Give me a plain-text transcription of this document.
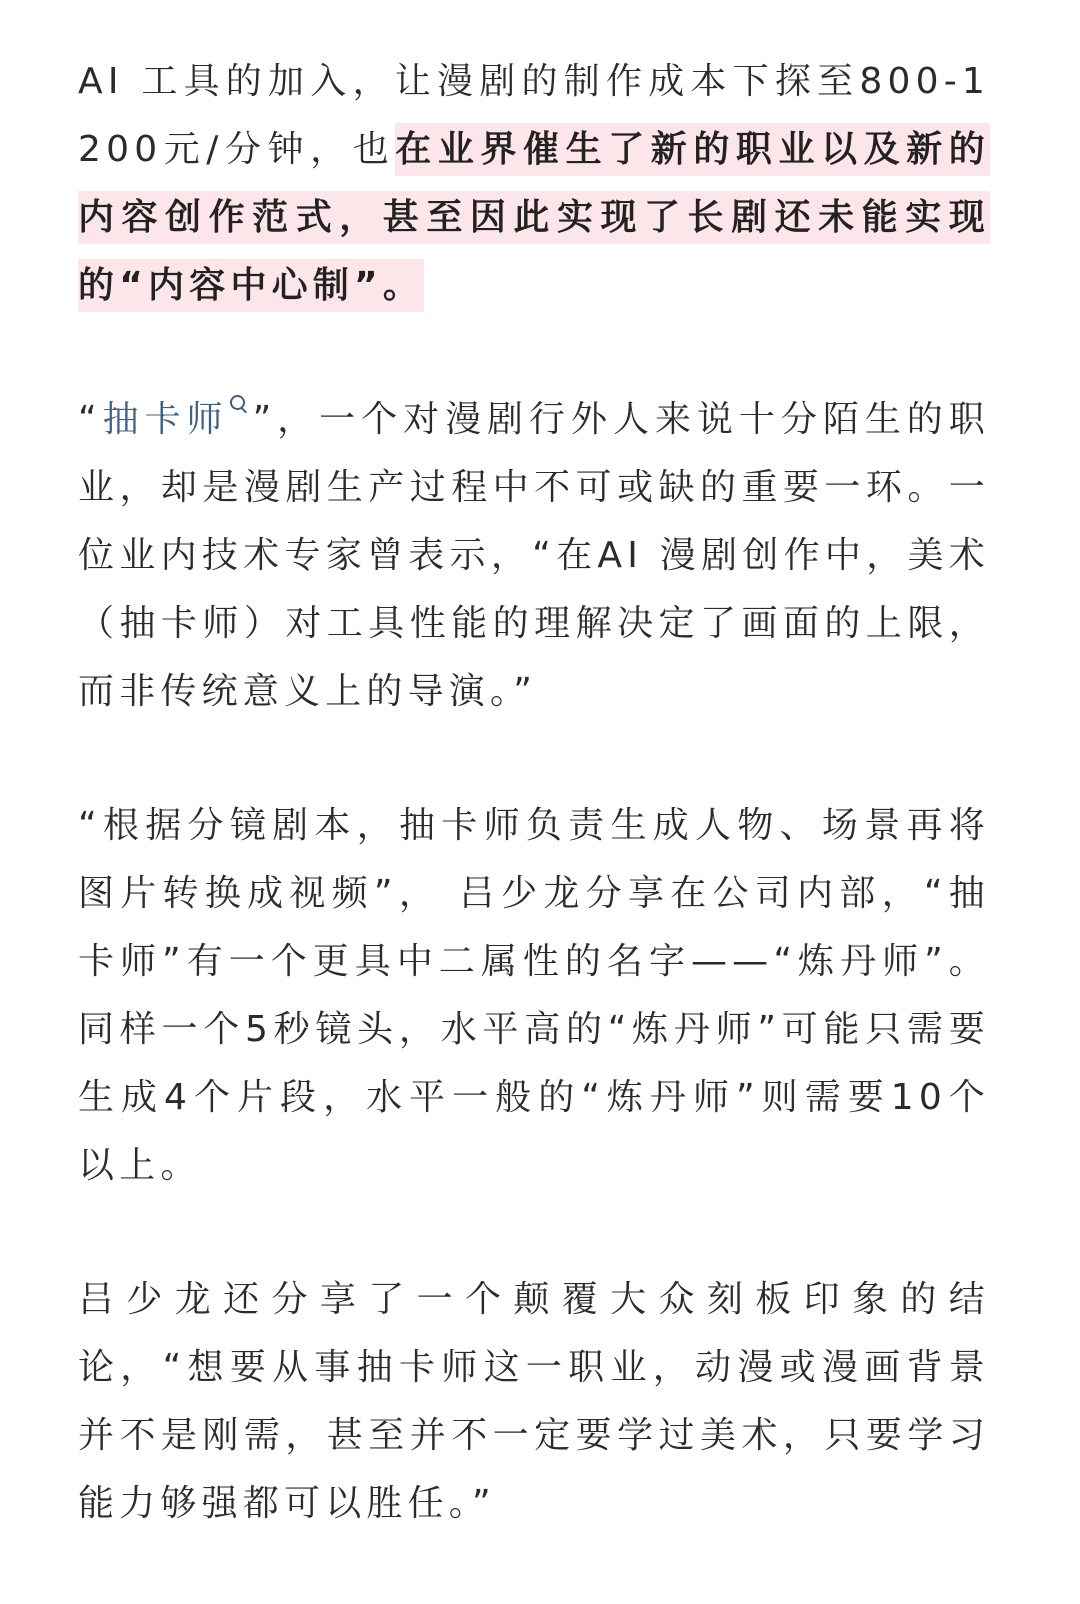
AI 工具的加入，让漫剧的制作成本下探至800-1200元/分钟，也在业界催生了新的职业以及新的内容创作范式，甚至因此实现了长剧还未能实现的“内容中心制”。

“抽卡师 ”，一个对漫剧行外人来说十分陌生的职业，却是漫剧生产过程中不可或缺的重要一环。一位业内技术专家曾表示，“在AI 漫剧创作中，美术（抽卡师）对工具性能的理解决定了画面的上限，而非传统意义上的导演。”

“根据分镜剧本，抽卡师负责生成人物、场景再将图片转换成视频”， 吕少龙分享在公司内部，“抽卡师”有一个更具中二属性的名字——“炼丹师”。同样一个5秒镜头，水平高的“炼丹师”可能只需要生成4个片段，水平一般的“炼丹师”则需要10个以上。

吕少龙还分享了一个颠覆大众刻板印象的结论，“想要从事抽卡师这一职业，动漫或漫画背景并不是刚需，甚至并不一定要学过美术，只要学习能力够强都可以胜任。”
